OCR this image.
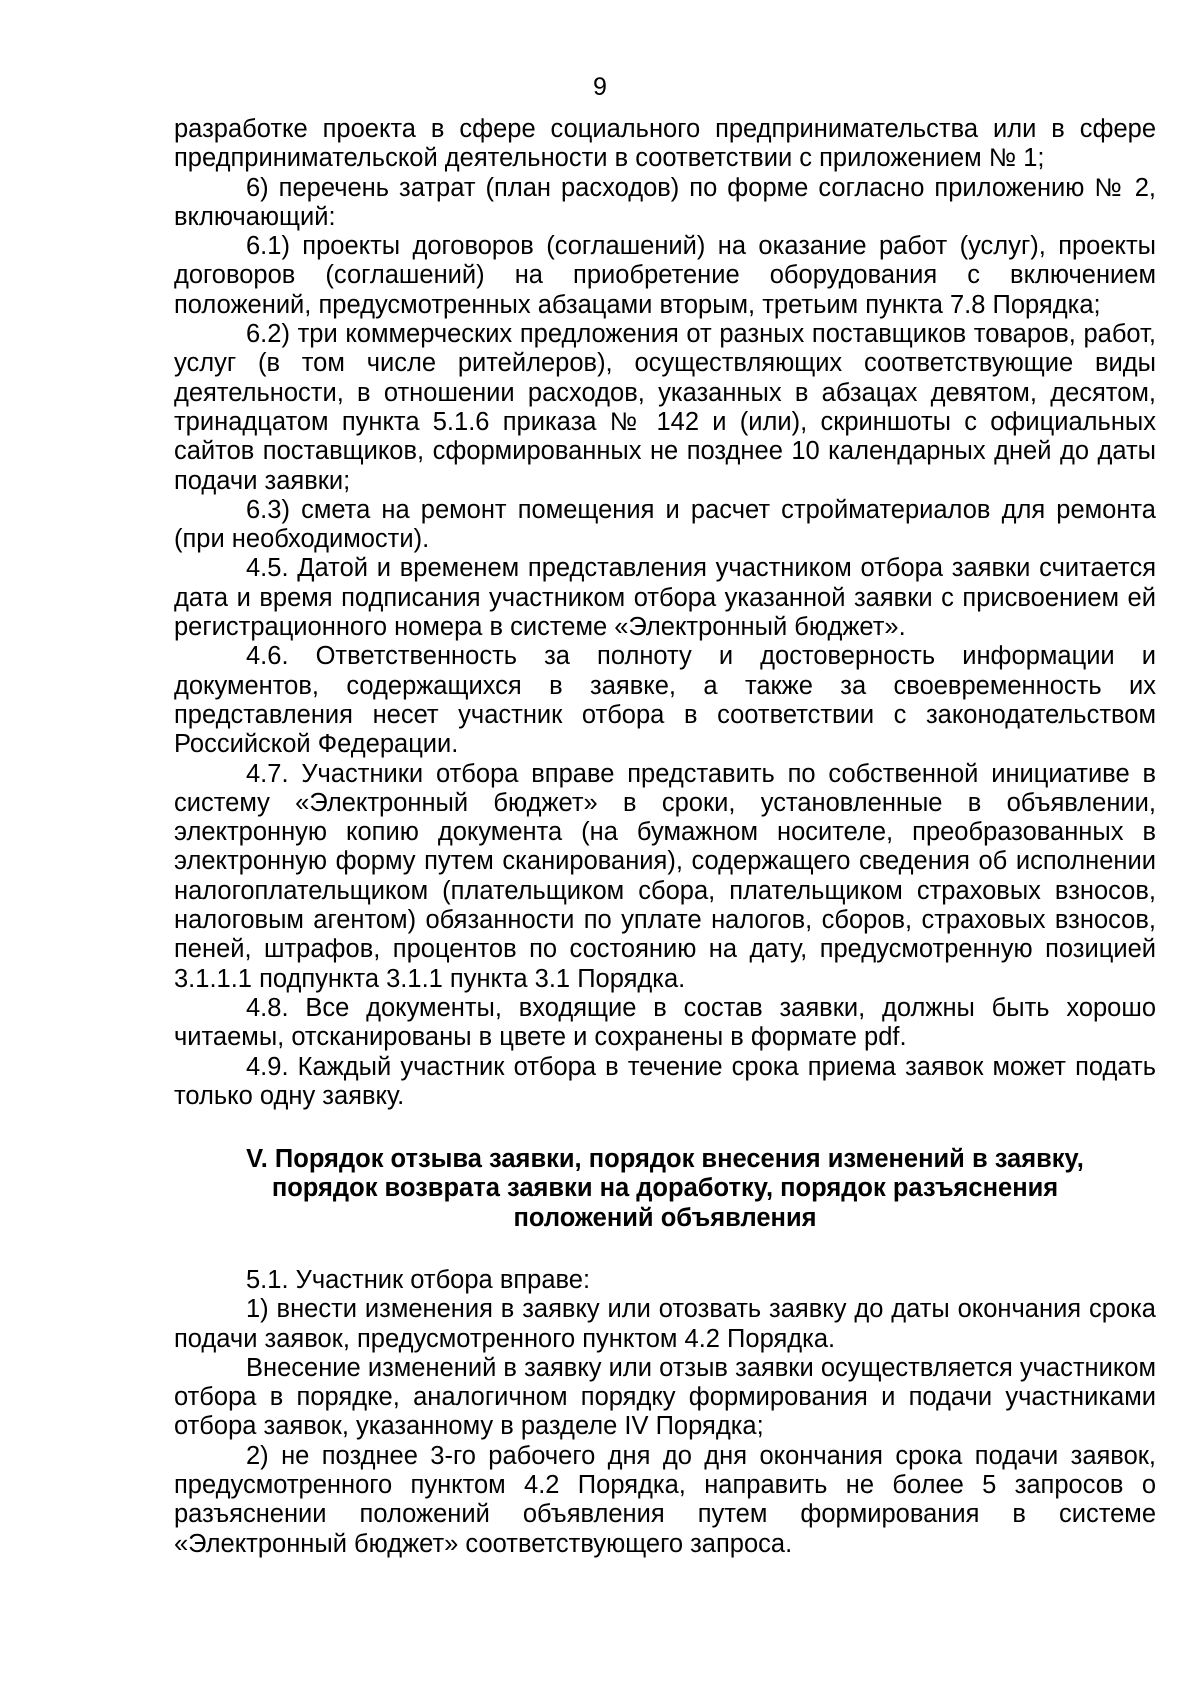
9

разработке проекта в сфере социального предпринимательства или в сфере предпринимательской деятельности в соответствии с приложением № 1;

6) перечень затрат (план расходов) по форме согласно приложению № 2, включающий:

6.1) проекты договоров (соглашений) на оказание работ (услуг), проекты договоров (соглашений) на приобретение оборудования с включением положений, предусмотренных абзацами вторым, третьим пункта 7.8 Порядка;

6.2) три коммерческих предложения от разных поставщиков товаров, работ, услуг (в том числе ритейлеров), осуществляющих соответствующие виды деятельности, в отношении расходов, указанных в абзацах девятом, десятом, тринадцатом пункта 5.1.6 приказа № 142 и (или), скриншоты с официальных сайтов поставщиков, сформированных не позднее 10 календарных дней до даты подачи заявки;

6.3) смета на ремонт помещения и расчет стройматериалов для ремонта (при необходимости).

4.5. Датой и временем представления участником отбора заявки считается дата и время подписания участником отбора указанной заявки с присвоением ей регистрационного номера в системе «Электронный бюджет».

4.6. Ответственность за полноту и достоверность информации и документов, содержащихся в заявке, а также за своевременность их представления несет участник отбора в соответствии с законодательством Российской Федерации.

4.7. Участники отбора вправе представить по собственной инициативе в систему «Электронный бюджет» в сроки, установленные в объявлении, электронную копию документа (на бумажном носителе, преобразованных в электронную форму путем сканирования), содержащего сведения об исполнении налогоплательщиком (плательщиком сбора, плательщиком страховых взносов, налоговым агентом) обязанности по уплате налогов, сборов, страховых взносов, пеней, штрафов, процентов по состоянию на дату, предусмотренную позицией 3.1.1.1 подпункта 3.1.1 пункта 3.1 Порядка.

4.8. Все документы, входящие в состав заявки, должны быть хорошо читаемы, отсканированы в цвете и сохранены в формате pdf.

4.9. Каждый участник отбора в течение срока приема заявок может подать только одну заявку.

V. Порядок отзыва заявки, порядок внесения изменений в заявку,
порядок возврата заявки на доработку, порядок разъяснения
положений объявления

5.1. Участник отбора вправе:

1) внести изменения в заявку или отозвать заявку до даты окончания срока подачи заявок, предусмотренного пунктом 4.2 Порядка.

Внесение изменений в заявку или отзыв заявки осуществляется участником отбора в порядке, аналогичном порядку формирования и подачи участниками отбора заявок, указанному в разделе IV Порядка;

2) не позднее 3-го рабочего дня до дня окончания срока подачи заявок, предусмотренного пунктом 4.2 Порядка, направить не более 5 запросов о разъяснении положений объявления путем формирования в системе «Электронный бюджет» соответствующего запроса.
